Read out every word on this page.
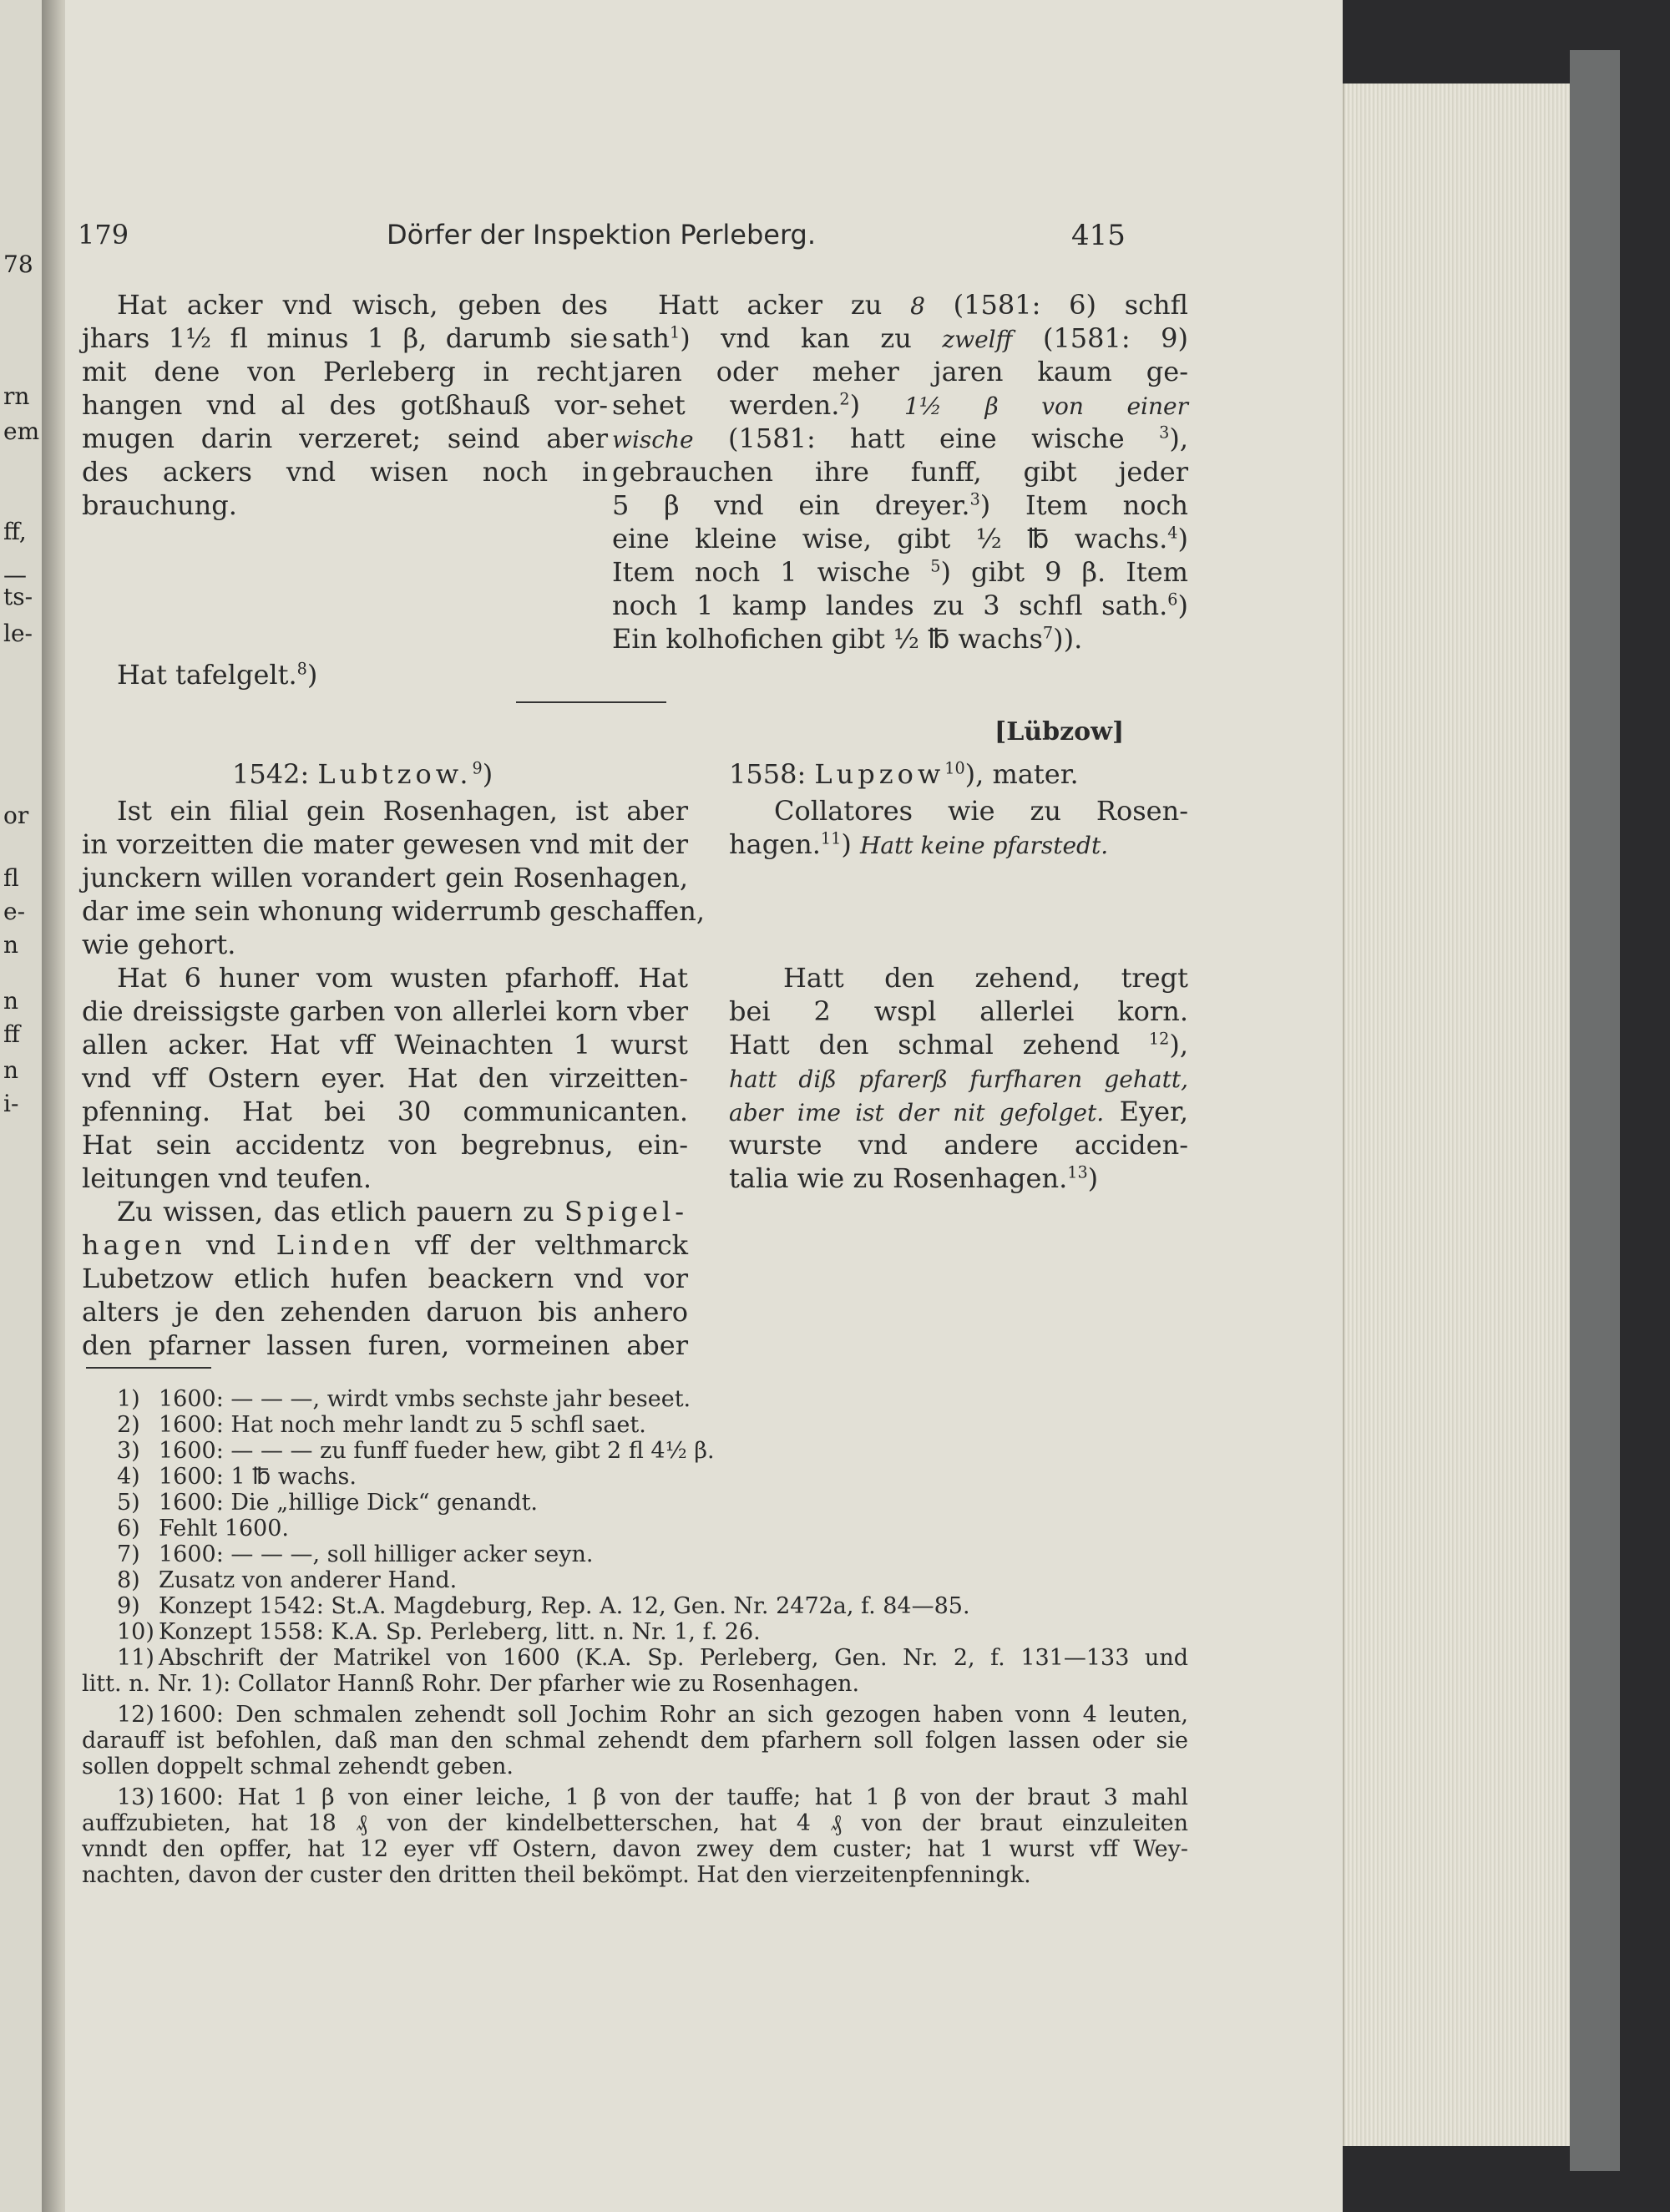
78
rn
em
ff,
—
ts-
le-
or
fl
e-
n
n
ff
n
i-
179	Dörfer der Inspektion Perleberg.	415
Hat tafelgelt.$^8$)
[Lübzow]
1542: Lubtzow.$^9$)	1558: Lupzow$^{10}$), mater.
Collatores wie zu Rosen-
hagen.$^{11}$) Hatt keine pfarstedt.
Hat acker vnd wisch, geben des
jhars 1½ fl minus 1 β, darumb sie
mit dene von Perleberg in recht
hangen vnd al des gotßhauß vor-
mugen darin verzeret; seind aber
des ackers vnd wisen noch in
brauchung.
Hatt acker zu 8 (1581: 6) schfl
sath$^1$) vnd kan zu zwelff (1581: 9)
jaren oder meher jaren kaum ge-
sehet werden.$^2$) 1½ β von einer
wische (1581: hatt eine wische $^3$),
gebrauchen ihre funff, gibt jeder
5 β vnd ein dreyer.$^3$) Item noch
eine kleine wise, gibt ½ ℔ wachs.$^4$)
Item noch 1 wische $^5$) gibt 9 β. Item
noch 1 kamp landes zu 3 schfl sath.$^6$)
Ein kolhofichen gibt ½ ℔ wachs$^7$)).
Ist ein filial gein Rosenhagen, ist aber
in vorzeitten die mater gewesen vnd mit der
junckern willen vorandert gein Rosenhagen,
dar ime sein whonung widerrumb geschaffen,
wie gehort.
Hat 6 huner vom wusten pfarhoff. Hat
die dreissigste garben von allerlei korn vber
allen acker. Hat vff Weinachten 1 wurst
vnd vff Ostern eyer. Hat den virzeitten-
pfenning. Hat bei 30 communicanten.
Hat sein accidentz von begrebnus, ein-
leitungen vnd teufen.
Zu wissen, das etlich pauern zu Spigel-
hagen vnd Linden vff der velthmarck
Lubetzow etlich hufen beackern vnd vor
alters je den zehenden daruon bis anhero
den pfarner lassen furen, vormeinen aber
Hatt den zehend, tregt
bei 2 wspl allerlei korn.
Hatt den schmal zehend $^{12}$),
hatt diß pfarerß furfharen gehatt,
aber ime ist der nit gefolget. Eyer,
wurste vnd andere acciden-
talia wie zu Rosenhagen.$^{13}$)
1) 1600: — — —, wirdt vmbs sechste jahr beseet.
2) 1600: Hat noch mehr landt zu 5 schfl saet.
3) 1600: — — — zu funff fueder hew, gibt 2 fl 4½ β.
4) 1600: 1 ℔ wachs.
5) 1600: Die „hillige Dick“ genandt.
6) Fehlt 1600.
7) 1600: — — —, soll hilliger acker seyn.
8) Zusatz von anderer Hand.
9) Konzept 1542: St.A. Magdeburg, Rep. A. 12, Gen. Nr. 2472a, f. 84—85.
10) Konzept 1558: K.A. Sp. Perleberg, litt. n. Nr. 1, f. 26.
11) Abschrift der Matrikel von 1600 (K.A. Sp. Perleberg, Gen. Nr. 2, f. 131—133 und
litt. n. Nr. 1): Collator Hannß Rohr. Der pfarher wie zu Rosenhagen.
12) 1600: Den schmalen zehendt soll Jochim Rohr an sich gezogen haben vonn 4 leuten,
darauff ist befohlen, daß man den schmal zehendt dem pfarhern soll folgen lassen oder sie
sollen doppelt schmal zehendt geben.
13) 1600: Hat 1 β von einer leiche, 1 β von der tauffe; hat 1 β von der braut 3 mahl
auffzubieten, hat 18 ₰ von der kindelbetterschen, hat 4 ₰ von der braut einzuleiten
vnndt den opffer, hat 12 eyer vff Ostern, davon zwey dem custer; hat 1 wurst vff Wey-
nachten, davon der custer den dritten theil bekömpt. Hat den vierzeitenpfenningk.
